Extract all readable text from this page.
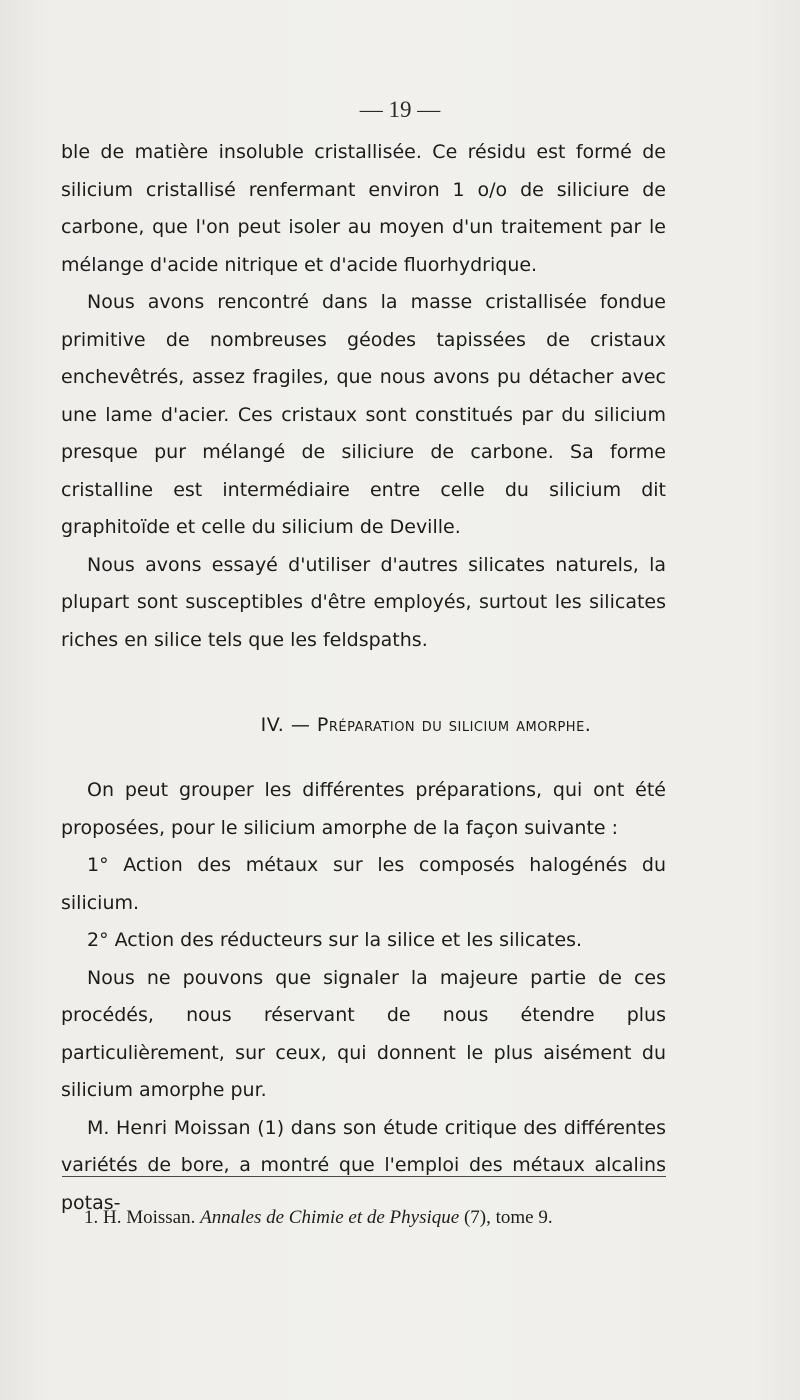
— 19 —

ble de matière insoluble cristallisée. Ce résidu est formé de silicium cristallisé renfermant environ 1 o/o de siliciure de carbone, que l'on peut isoler au moyen d'un traitement par le mélange d'acide nitrique et d'acide fluorhydrique.

Nous avons rencontré dans la masse cristallisée fondue primitive de nombreuses géodes tapissées de cristaux enchevêtrés, assez fragiles, que nous avons pu détacher avec une lame d'acier. Ces cristaux sont constitués par du silicium presque pur mélangé de siliciure de carbone. Sa forme cristalline est intermédiaire entre celle du silicium dit graphitoïde et celle du silicium de Deville.

Nous avons essayé d'utiliser d'autres silicates naturels, la plupart sont susceptibles d'être employés, surtout les silicates riches en silice tels que les feldspaths.

IV. — Préparation du silicium amorphe.

On peut grouper les différentes préparations, qui ont été proposées, pour le silicium amorphe de la façon suivante :

1° Action des métaux sur les composés halogénés du silicium.

2° Action des réducteurs sur la silice et les silicates.

Nous ne pouvons que signaler la majeure partie de ces procédés, nous réservant de nous étendre plus particulièrement, sur ceux, qui donnent le plus aisément du silicium amorphe pur.

M. Henri Moissan (1) dans son étude critique des différentes variétés de bore, a montré que l'emploi des métaux alcalins potas-

1. H. Moissan. Annales de Chimie et de Physique (7), tome 9.
